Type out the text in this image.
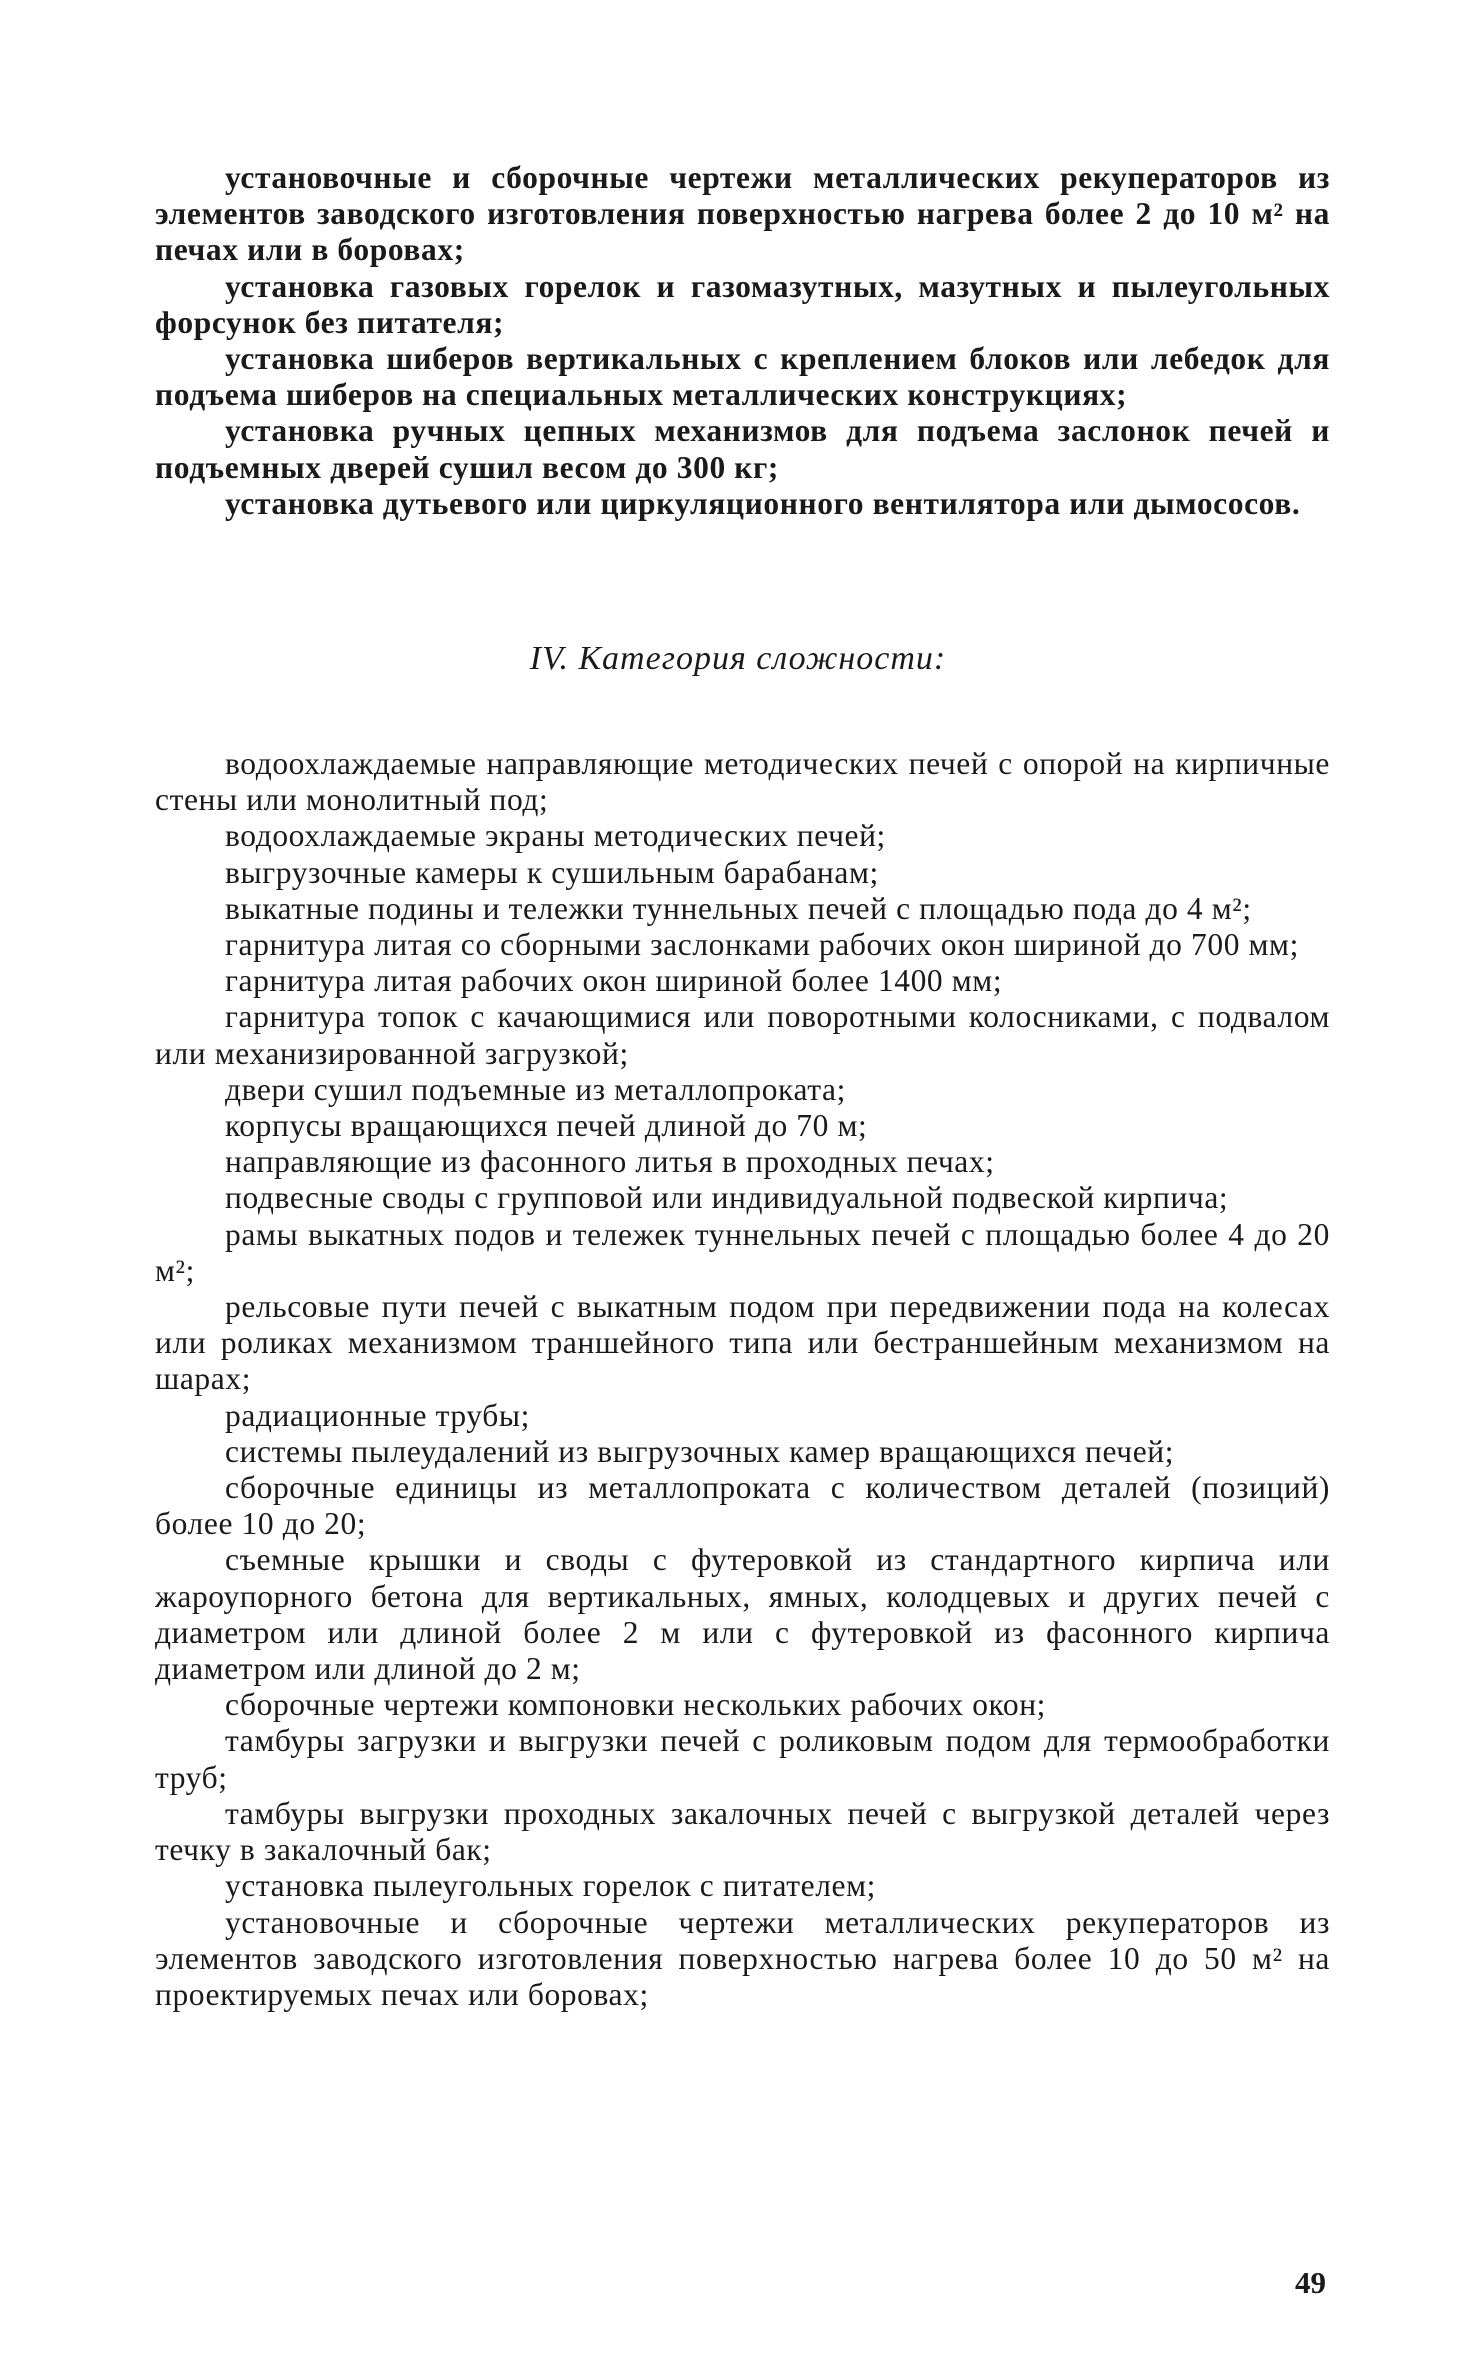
установочные и сборочные чертежи металлических рекуператоров из элементов заводского изготовления поверхностью нагрева более 2 до 10 м² на печах или в боровах;

установка газовых горелок и газомазутных, мазутных и пылеугольных форсунок без питателя;

установка шиберов вертикальных с креплением блоков или лебедок для подъема шиберов на специальных металлических конструкциях;

установка ручных цепных механизмов для подъема заслонок печей и подъемных дверей сушил весом до 300 кг;

установка дутьевого или циркуляционного вентилятора или дымососов.

IV. Категория сложности:

водоохлаждаемые направляющие методических печей с опорой на кирпичные стены или монолитный под;

водоохлаждаемые экраны методических печей;

выгрузочные камеры к сушильным барабанам;

выкатные подины и тележки туннельных печей с площадью пода до 4 м²;

гарнитура литая со сборными заслонками рабочих окон шириной до 700 мм;

гарнитура литая рабочих окон шириной более 1400 мм;

гарнитура топок с качающимися или поворотными колосниками, с подвалом или механизированной загрузкой;

двери сушил подъемные из металлопроката;

корпусы вращающихся печей длиной до 70 м;

направляющие из фасонного литья в проходных печах;

подвесные своды с групповой или индивидуальной подвеской кирпича;

рамы выкатных подов и тележек туннельных печей с площадью более 4 до 20 м²;

рельсовые пути печей с выкатным подом при передвижении пода на колесах или роликах механизмом траншейного типа или бестраншейным механизмом на шарах;

радиационные трубы;

системы пылеудалений из выгрузочных камер вращающихся печей;

сборочные единицы из металлопроката с количеством деталей (позиций) более 10 до 20;

съемные крышки и своды с футеровкой из стандартного кирпича или жароупорного бетона для вертикальных, ямных, колодцевых и других печей с диаметром или длиной более 2 м или с футеровкой из фасонного кирпича диаметром или длиной до 2 м;

сборочные чертежи компоновки нескольких рабочих окон;

тамбуры загрузки и выгрузки печей с роликовым подом для термообработки труб;

тамбуры выгрузки проходных закалочных печей с выгрузкой деталей через течку в закалочный бак;

установка пылеугольных горелок с питателем;

установочные и сборочные чертежи металлических рекуператоров из элементов заводского изготовления поверхностью нагрева более 10 до 50 м² на проектируемых печах или боровах;

49
